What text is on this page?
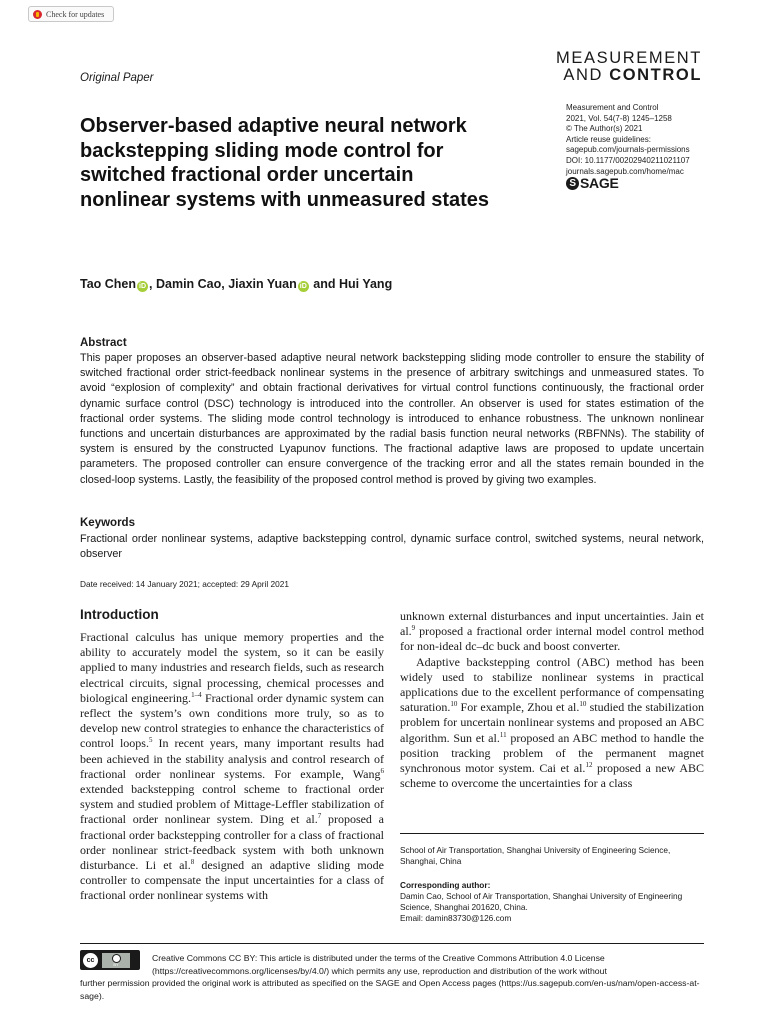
Check for updates
MEASUREMENT
AND CONTROL
Original Paper
Measurement and Control
2021, Vol. 54(7-8) 1245–1258
© The Author(s) 2021
Article reuse guidelines:
sagepub.com/journals-permissions
DOI: 10.1177/00202940211021107
journals.sagepub.com/home/mac
S SAGE
Observer-based adaptive neural network backstepping sliding mode control for switched fractional order uncertain nonlinear systems with unmeasured states
Tao Chen iD , Damin Cao, Jiaxin Yuan iD and Hui Yang
Abstract
This paper proposes an observer-based adaptive neural network backstepping sliding mode controller to ensure the stability of switched fractional order strict-feedback nonlinear systems in the presence of arbitrary switchings and unmeasured states. To avoid “explosion of complexity” and obtain fractional derivatives for virtual control functions continuously, the fractional order dynamic surface control (DSC) technology is introduced into the controller. An observer is used for states estimation of the fractional order systems. The sliding mode control technology is introduced to enhance robustness. The unknown nonlinear functions and uncertain disturbances are approximated by the radial basis function neural networks (RBFNNs). The stability of system is ensured by the constructed Lyapunov functions. The fractional adaptive laws are proposed to update uncertain parameters. The proposed controller can ensure convergence of the tracking error and all the states remain bounded in the closed-loop systems. Lastly, the feasibility of the proposed control method is proved by giving two examples.
Keywords
Fractional order nonlinear systems, adaptive backstepping control, dynamic surface control, switched systems, neural network, observer
Date received: 14 January 2021; accepted: 29 April 2021
Introduction

Fractional calculus has unique memory properties and the ability to accurately model the system, so it can be easily applied to many industries and research fields, such as research electrical circuits, signal processing, chemical processes and biological engineering.$^{1-4}$ Fractional order dynamic system can reflect the system’s own conditions more truly, so as to develop new control strategies to enhance the characteristics of control loops.$^5$ In recent years, many important results had been achieved in the stability analysis and control research of fractional order nonlinear systems. For example, Wang$^6$ extended backstepping control scheme to fractional order system and studied problem of Mittage-Leffler stabilization of fractional order nonlinear system. Ding et al.$^7$ proposed a fractional order backstepping controller for a class of fractional order nonlinear strict-feedback system with both unknown disturbance. Li et al.$^8$ designed an adaptive sliding mode controller to compensate the input uncertainties for a class of fractional order nonlinear systems with

unknown external disturbances and input uncertainties. Jain et al.$^9$ proposed a fractional order internal model control method for non-ideal dc–dc buck and boost converter.

Adaptive backstepping control (ABC) method has been widely used to stabilize nonlinear systems in practical applications due to the excellent performance of compensating saturation.$^{10}$ For example, Zhou et al.$^{10}$ studied the stabilization problem for uncertain nonlinear systems and proposed an ABC algorithm. Sun et al.$^{11}$ proposed an ABC method to handle the position tracking problem of the permanent magnet synchronous motor system. Cai et al.$^{12}$ proposed a new ABC scheme to overcome the uncertainties for a class

School of Air Transportation, Shanghai University of Engineering Science, Shanghai, China
Corresponding author:
Damin Cao, School of Air Transportation, Shanghai University of Engineering Science, Shanghai 201620, China.
Email: damin83730@126.com
cc
BY
Creative Commons CC BY: This article is distributed under the terms of the Creative Commons Attribution 4.0 License (https://creativecommons.org/licenses/by/4.0/) which permits any use, reproduction and distribution of the work without
further permission provided the original work is attributed as specified on the SAGE and Open Access pages (https://us.sagepub.com/en-us/nam/open-access-at-sage).
